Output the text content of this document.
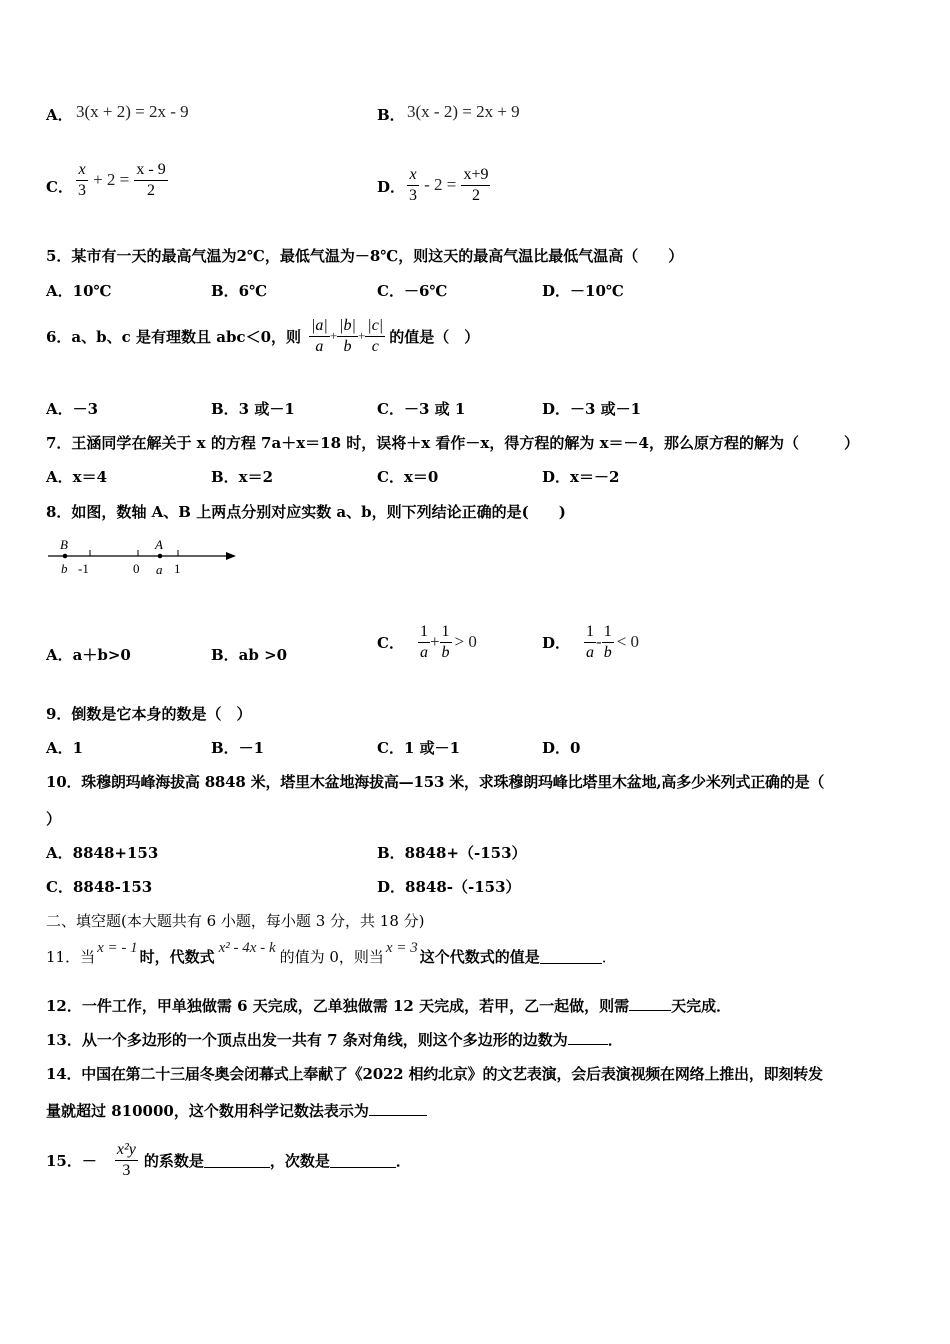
A． 3(x + 2) = 2x - 9	B． 3(x - 2) = 2x + 9
C． $\frac{x}{3} + 2 = \frac{x - 9}{2}$	D． $\frac{x}{3} - 2 = \frac{x+9}{2}$
5．某市有一天的最高气温为2℃，最低气温为－8℃，则这天的最高气温比最低气温高（　　）
A．10℃	B．6℃	C．－6℃	D．－10℃
6．a、b、c 是有理数且 abc＜0，则 $\frac{|a|}{a} + \frac{|b|}{b} + \frac{|c|}{c}$ 的值是（　）
A．－3	B．3 或－1	C．－3 或 1	D．－3 或－1
7．王涵同学在解关于 x 的方程 7a＋x＝18 时，误将＋x 看作－x，得方程的解为 x＝－4，那么原方程的解为（　　　）
A．x＝4	B．x＝2	C．x＝0	D．x＝－2
8．如图，数轴 A、B 上两点分别对应实数 a、b，则下列结论正确的是(　　)
B	A
b -1	0 a 1
A．a＋b>0	B．ab >0
C． $\frac{1}{a} + \frac{1}{b} > 0$	D． $\frac{1}{a} - \frac{1}{b} < 0$
9．倒数是它本身的数是（　）
A．1	B．－1	C．1 或－1	D．0
10．珠穆朗玛峰海拔高 8848 米，塔里木盆地海拔高—153 米，求珠穆朗玛峰比塔里木盆地,高多少米列式正确的是（
）
A．8848+153	B．8848+（-153）
C．8848-153	D．8848-（-153）
二、填空题(本大题共有 6 小题，每小题 3 分，共 18 分)
11．当 x = - 1 时，代数式 x² - 4x - k 的值为 0，则当 x = 3 这个代数式的值是	．
12．一件工作，甲单独做需 6 天完成，乙单独做需 12 天完成，若甲，乙一起做，则需	天完成．
13．从一个多边形的一个顶点出发一共有 7 条对角线，则这个多边形的边数为	．
14．中国在第二十三届冬奥会闭幕式上奉献了《2022 相约北京》的文艺表演，会后表演视频在网络上推出，即刻转发
量就超过 810000，这个数用科学记数法表示为
15．－ $\frac{\text{x²y}}{3}$ 的系数是	，次数是	．
